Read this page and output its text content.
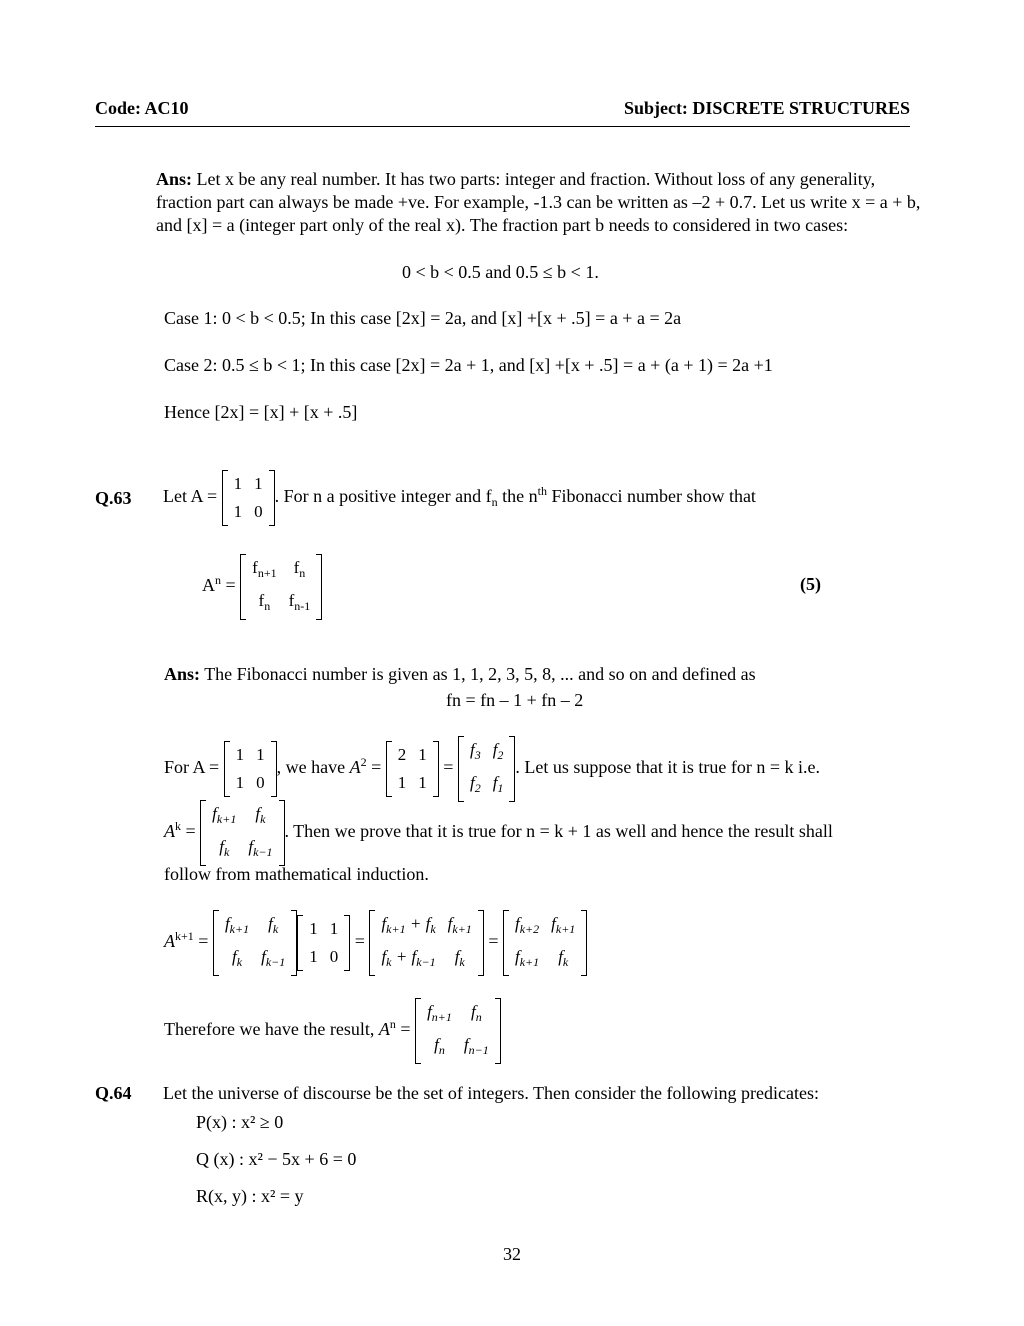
Code: AC10	Subject: DISCRETE STRUCTURES
Ans: Let x be any real number. It has two parts: integer and fraction. Without loss of any generality, fraction part can always be made +ve. For example, -1.3 can be written as –2 + 0.7. Let us write x = a + b, and [x] = a (integer part only of the real x). The fraction part b needs to considered in two cases:
0 < b < 0.5 and 0.5 ≤ b < 1.
Case 1: 0 < b < 0.5; In this case [2x] = 2a, and [x] +[x + .5] = a + a = 2a
Case 2: 0.5 ≤ b < 1; In this case [2x] = 2a + 1, and [x] +[x + .5] = a + (a + 1) = 2a +1
Hence [2x] = [x] + [x + .5]
Q.63 Let A =
1	1
1	0
. For n a positive integer and $f_n$ the $n^{th}$ Fibonacci number show that
$A^n$ =
$f_{n+1}$	$f_n$
$f_n$	$f_{n-1}$
(5)
Ans: The Fibonacci number is given as 1, 1, 2, 3, 5, 8, ... and so on and defined as
fn = fn – 1 + fn – 2
For A =
1	1
1	0
, we have $A^2$ =
2	1
1	1
=
$f_3$	$f_2$
$f_2$	$f_1$
. Let us suppose that it is true for n = k i.e.
$A^k$ =
$f_{k+1}$	$f_k$
$f_k$	$f_{k-1}$
. Then we prove that it is true for n = k + 1 as well and hence the result shall
follow from mathematical induction.
$A^{k+1}$ =
$f_{k+1}$	$f_k$
$f_k$	$f_{k-1}$
1	1
1	0
=
$f_{k+1} + f_k$	$f_{k+1}$
$f_k + f_{k-1}$	$f_k$
=
$f_{k+2}$	$f_{k+1}$
$f_{k+1}$	$f_k$
Therefore we have the result, $A^n$ =
$f_{n+1}$	$f_n$
$f_n$	$f_{n-1}$
Q.64 Let the universe of discourse be the set of integers. Then consider the following predicates:
P(x) : x² ≥ 0
Q (x) : x² − 5x + 6 = 0
R(x, y) : x² = y
32
